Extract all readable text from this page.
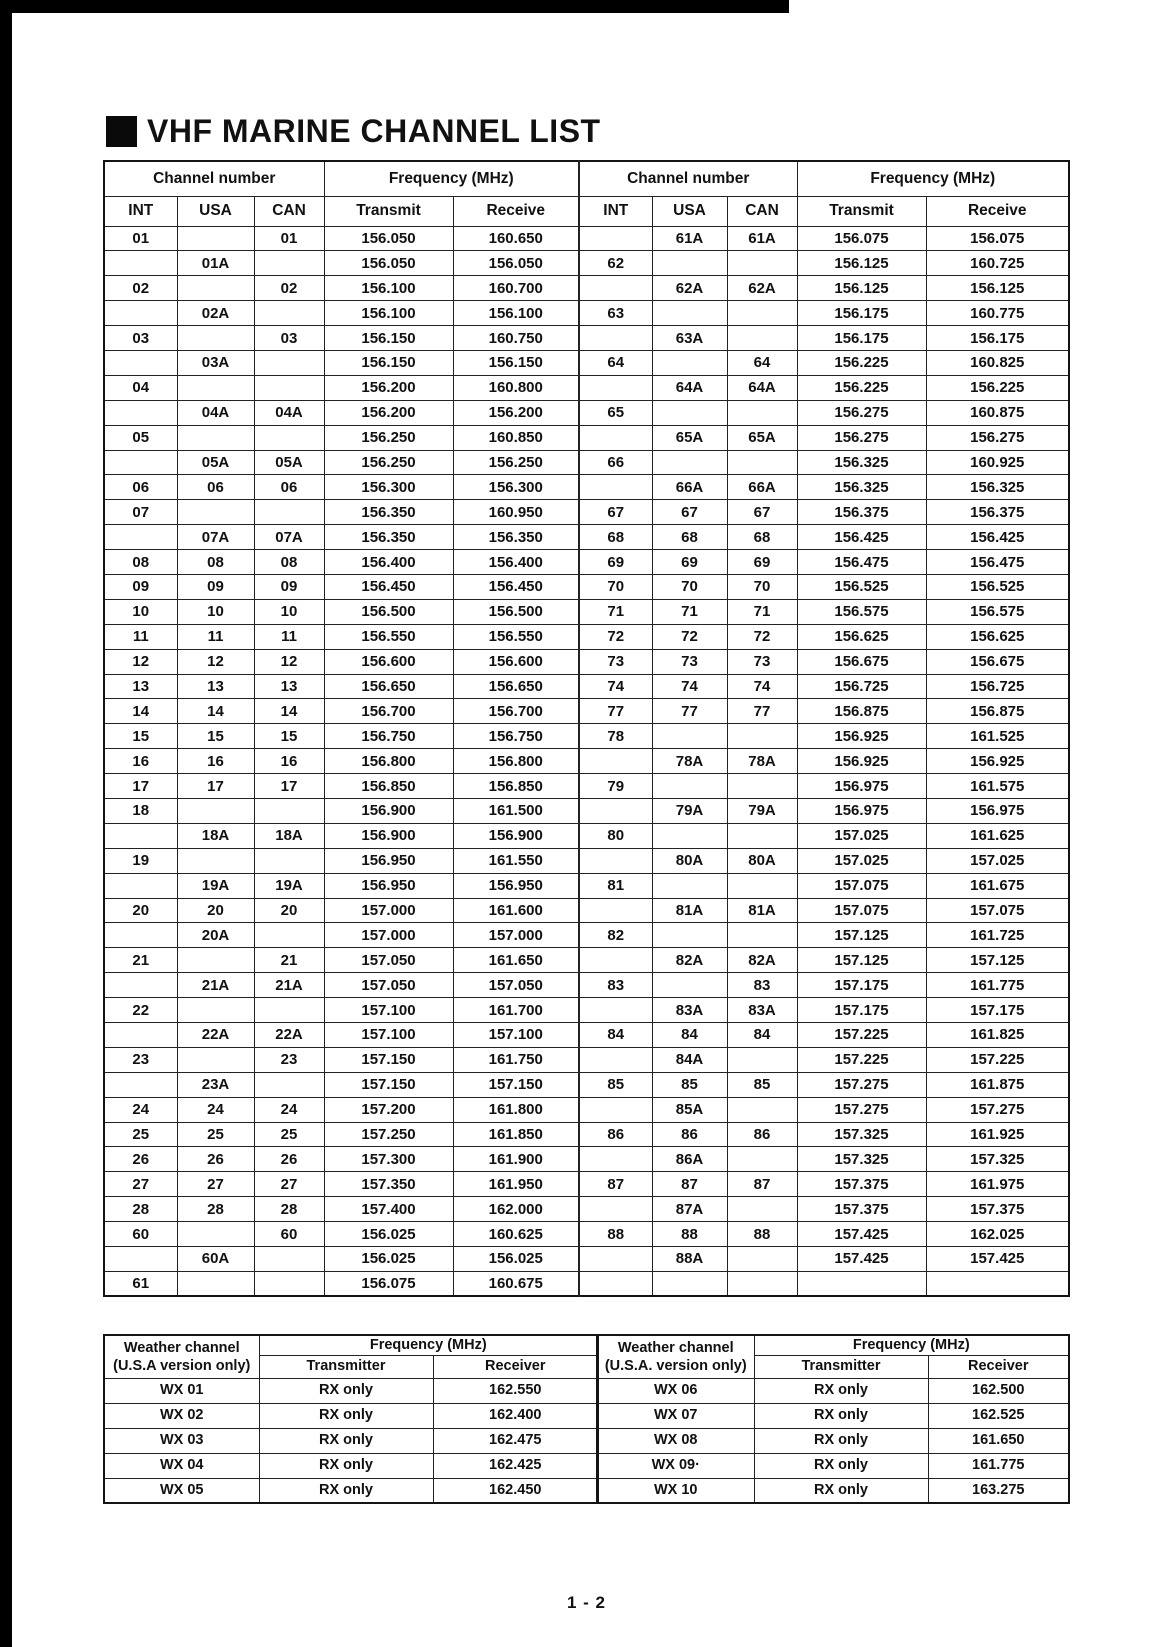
VHF MARINE CHANNEL LIST
Channel number			Frequency (MHz)		Channel number			Frequency (MHz)	
INT	USA	CAN	Transmit	Receive	INT	USA	CAN	Transmit	Receive
01		01	156.050	160.650		61A	61A	156.075	156.075
	01A		156.050	156.050	62			156.125	160.725
02		02	156.100	160.700		62A	62A	156.125	156.125
	02A		156.100	156.100	63			156.175	160.775
03		03	156.150	160.750		63A		156.175	156.175
	03A		156.150	156.150	64		64	156.225	160.825
04			156.200	160.800		64A	64A	156.225	156.225
	04A	04A	156.200	156.200	65			156.275	160.875
05			156.250	160.850		65A	65A	156.275	156.275
	05A	05A	156.250	156.250	66			156.325	160.925
06	06	06	156.300	156.300		66A	66A	156.325	156.325
07			156.350	160.950	67	67	67	156.375	156.375
	07A	07A	156.350	156.350	68	68	68	156.425	156.425
08	08	08	156.400	156.400	69	69	69	156.475	156.475
09	09	09	156.450	156.450	70	70	70	156.525	156.525
10	10	10	156.500	156.500	71	71	71	156.575	156.575
11	11	11	156.550	156.550	72	72	72	156.625	156.625
12	12	12	156.600	156.600	73	73	73	156.675	156.675
13	13	13	156.650	156.650	74	74	74	156.725	156.725
14	14	14	156.700	156.700	77	77	77	156.875	156.875
15	15	15	156.750	156.750	78			156.925	161.525
16	16	16	156.800	156.800		78A	78A	156.925	156.925
17	17	17	156.850	156.850	79			156.975	161.575
18			156.900	161.500		79A	79A	156.975	156.975
	18A	18A	156.900	156.900	80			157.025	161.625
19			156.950	161.550		80A	80A	157.025	157.025
	19A	19A	156.950	156.950	81			157.075	161.675
20	20	20	157.000	161.600		81A	81A	157.075	157.075
	20A		157.000	157.000	82			157.125	161.725
21		21	157.050	161.650		82A	82A	157.125	157.125
	21A	21A	157.050	157.050	83		83	157.175	161.775
22			157.100	161.700		83A	83A	157.175	157.175
	22A	22A	157.100	157.100	84	84	84	157.225	161.825
23		23	157.150	161.750		84A		157.225	157.225
	23A		157.150	157.150	85	85	85	157.275	161.875
24	24	24	157.200	161.800		85A		157.275	157.275
25	25	25	157.250	161.850	86	86	86	157.325	161.925
26	26	26	157.300	161.900		86A		157.325	157.325
27	27	27	157.350	161.950	87	87	87	157.375	161.975
28	28	28	157.400	162.000		87A		157.375	157.375
60		60	156.025	160.625	88	88	88	157.425	162.025
	60A		156.025	156.025		88A		157.425	157.425
61			156.075	160.675					
Weather channel
(U.S.A version only)	Frequency (MHz)	
	Transmitter	Receiver
WX 01	RX only	162.550
WX 02	RX only	162.400
WX 03	RX only	162.475
WX 04	RX only	162.425
WX 05	RX only	162.450
Weather channel
(U.S.A. version only)	Frequency (MHz)	
	Transmitter	Receiver
WX 06	RX only	162.500
WX 07	RX only	162.525
WX 08	RX only	161.650
WX 09·	RX only	161.775
WX 10	RX only	163.275
1 - 2
